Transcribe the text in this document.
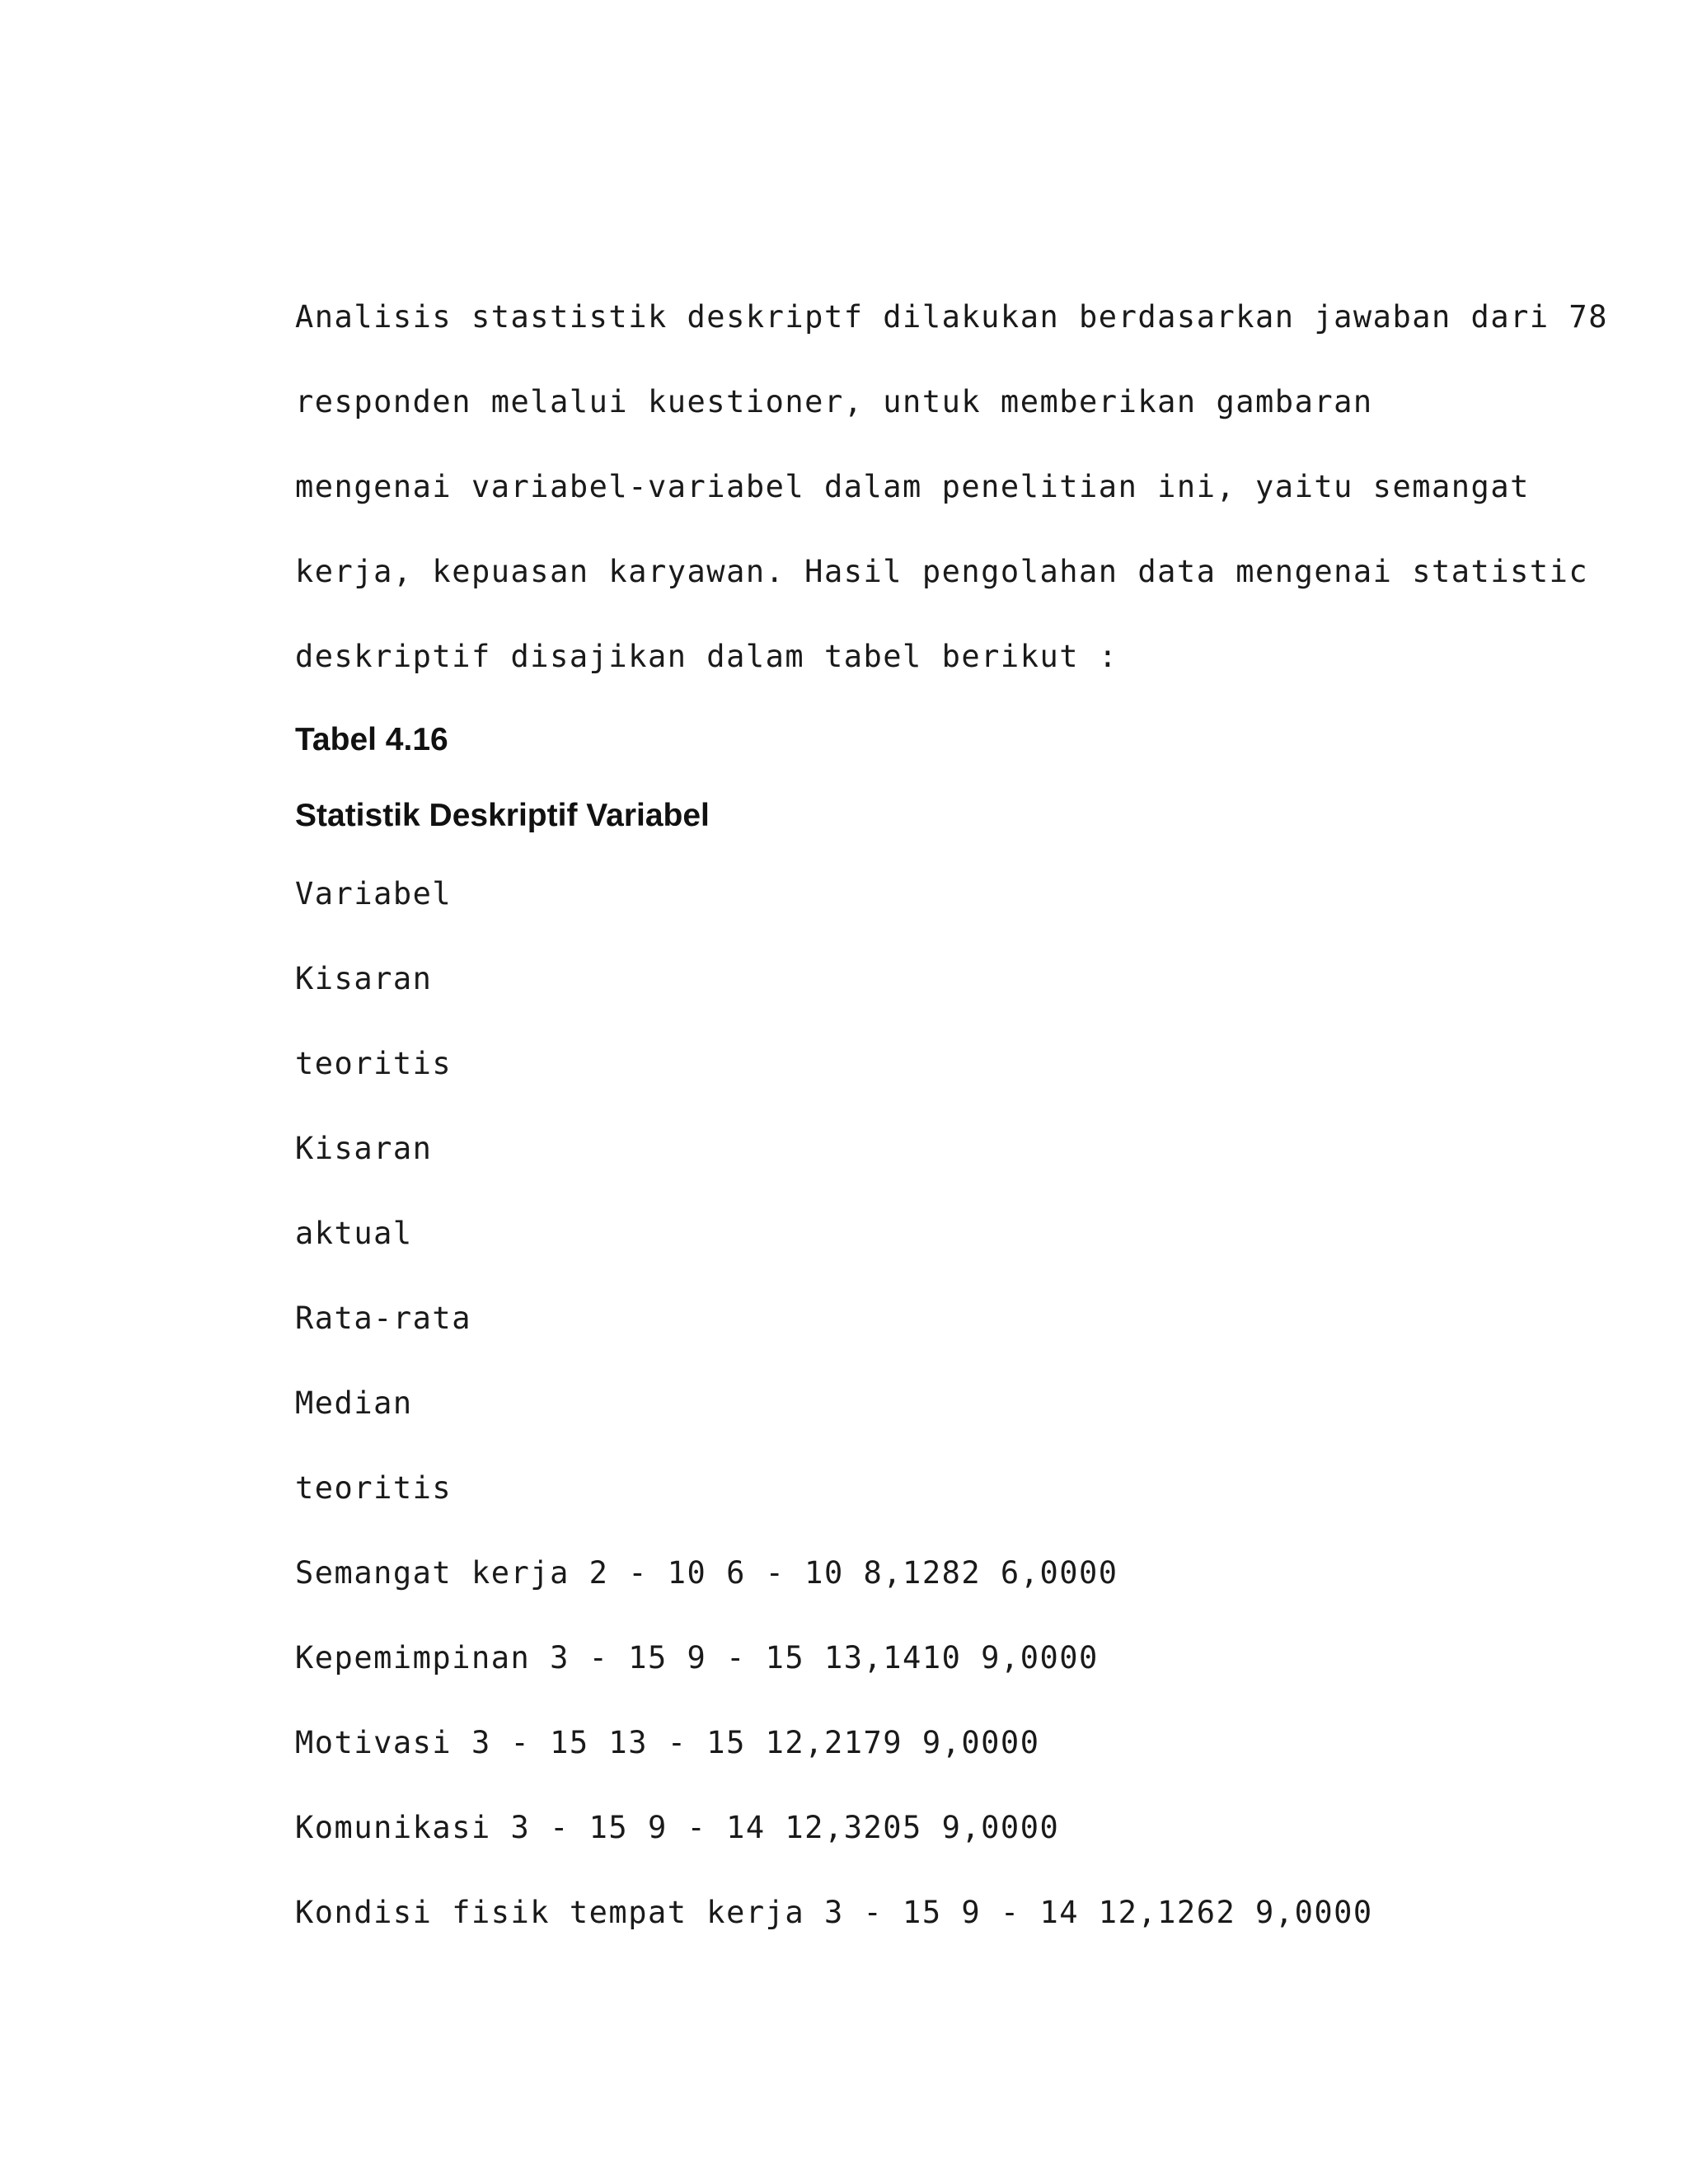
Analisis stastistik deskriptf dilakukan berdasarkan jawaban dari 78
responden melalui kuestioner, untuk memberikan gambaran
mengenai variabel-variabel dalam penelitian ini, yaitu semangat
kerja, kepuasan karyawan. Hasil pengolahan data mengenai statistic
deskriptif disajikan dalam tabel berikut :
Tabel 4.16
Statistik Deskriptif Variabel
Variabel
Kisaran
teoritis
Kisaran
aktual
Rata-rata
Median
teoritis
Semangat kerja 2 - 10 6 - 10 8,1282 6,0000
Kepemimpinan 3 - 15 9 - 15 13,1410 9,0000
Motivasi 3 - 15 13 - 15 12,2179 9,0000
Komunikasi 3 - 15 9 - 14 12,3205 9,0000
Kondisi fisik tempat kerja 3 - 15 9 - 14 12,1262 9,0000
